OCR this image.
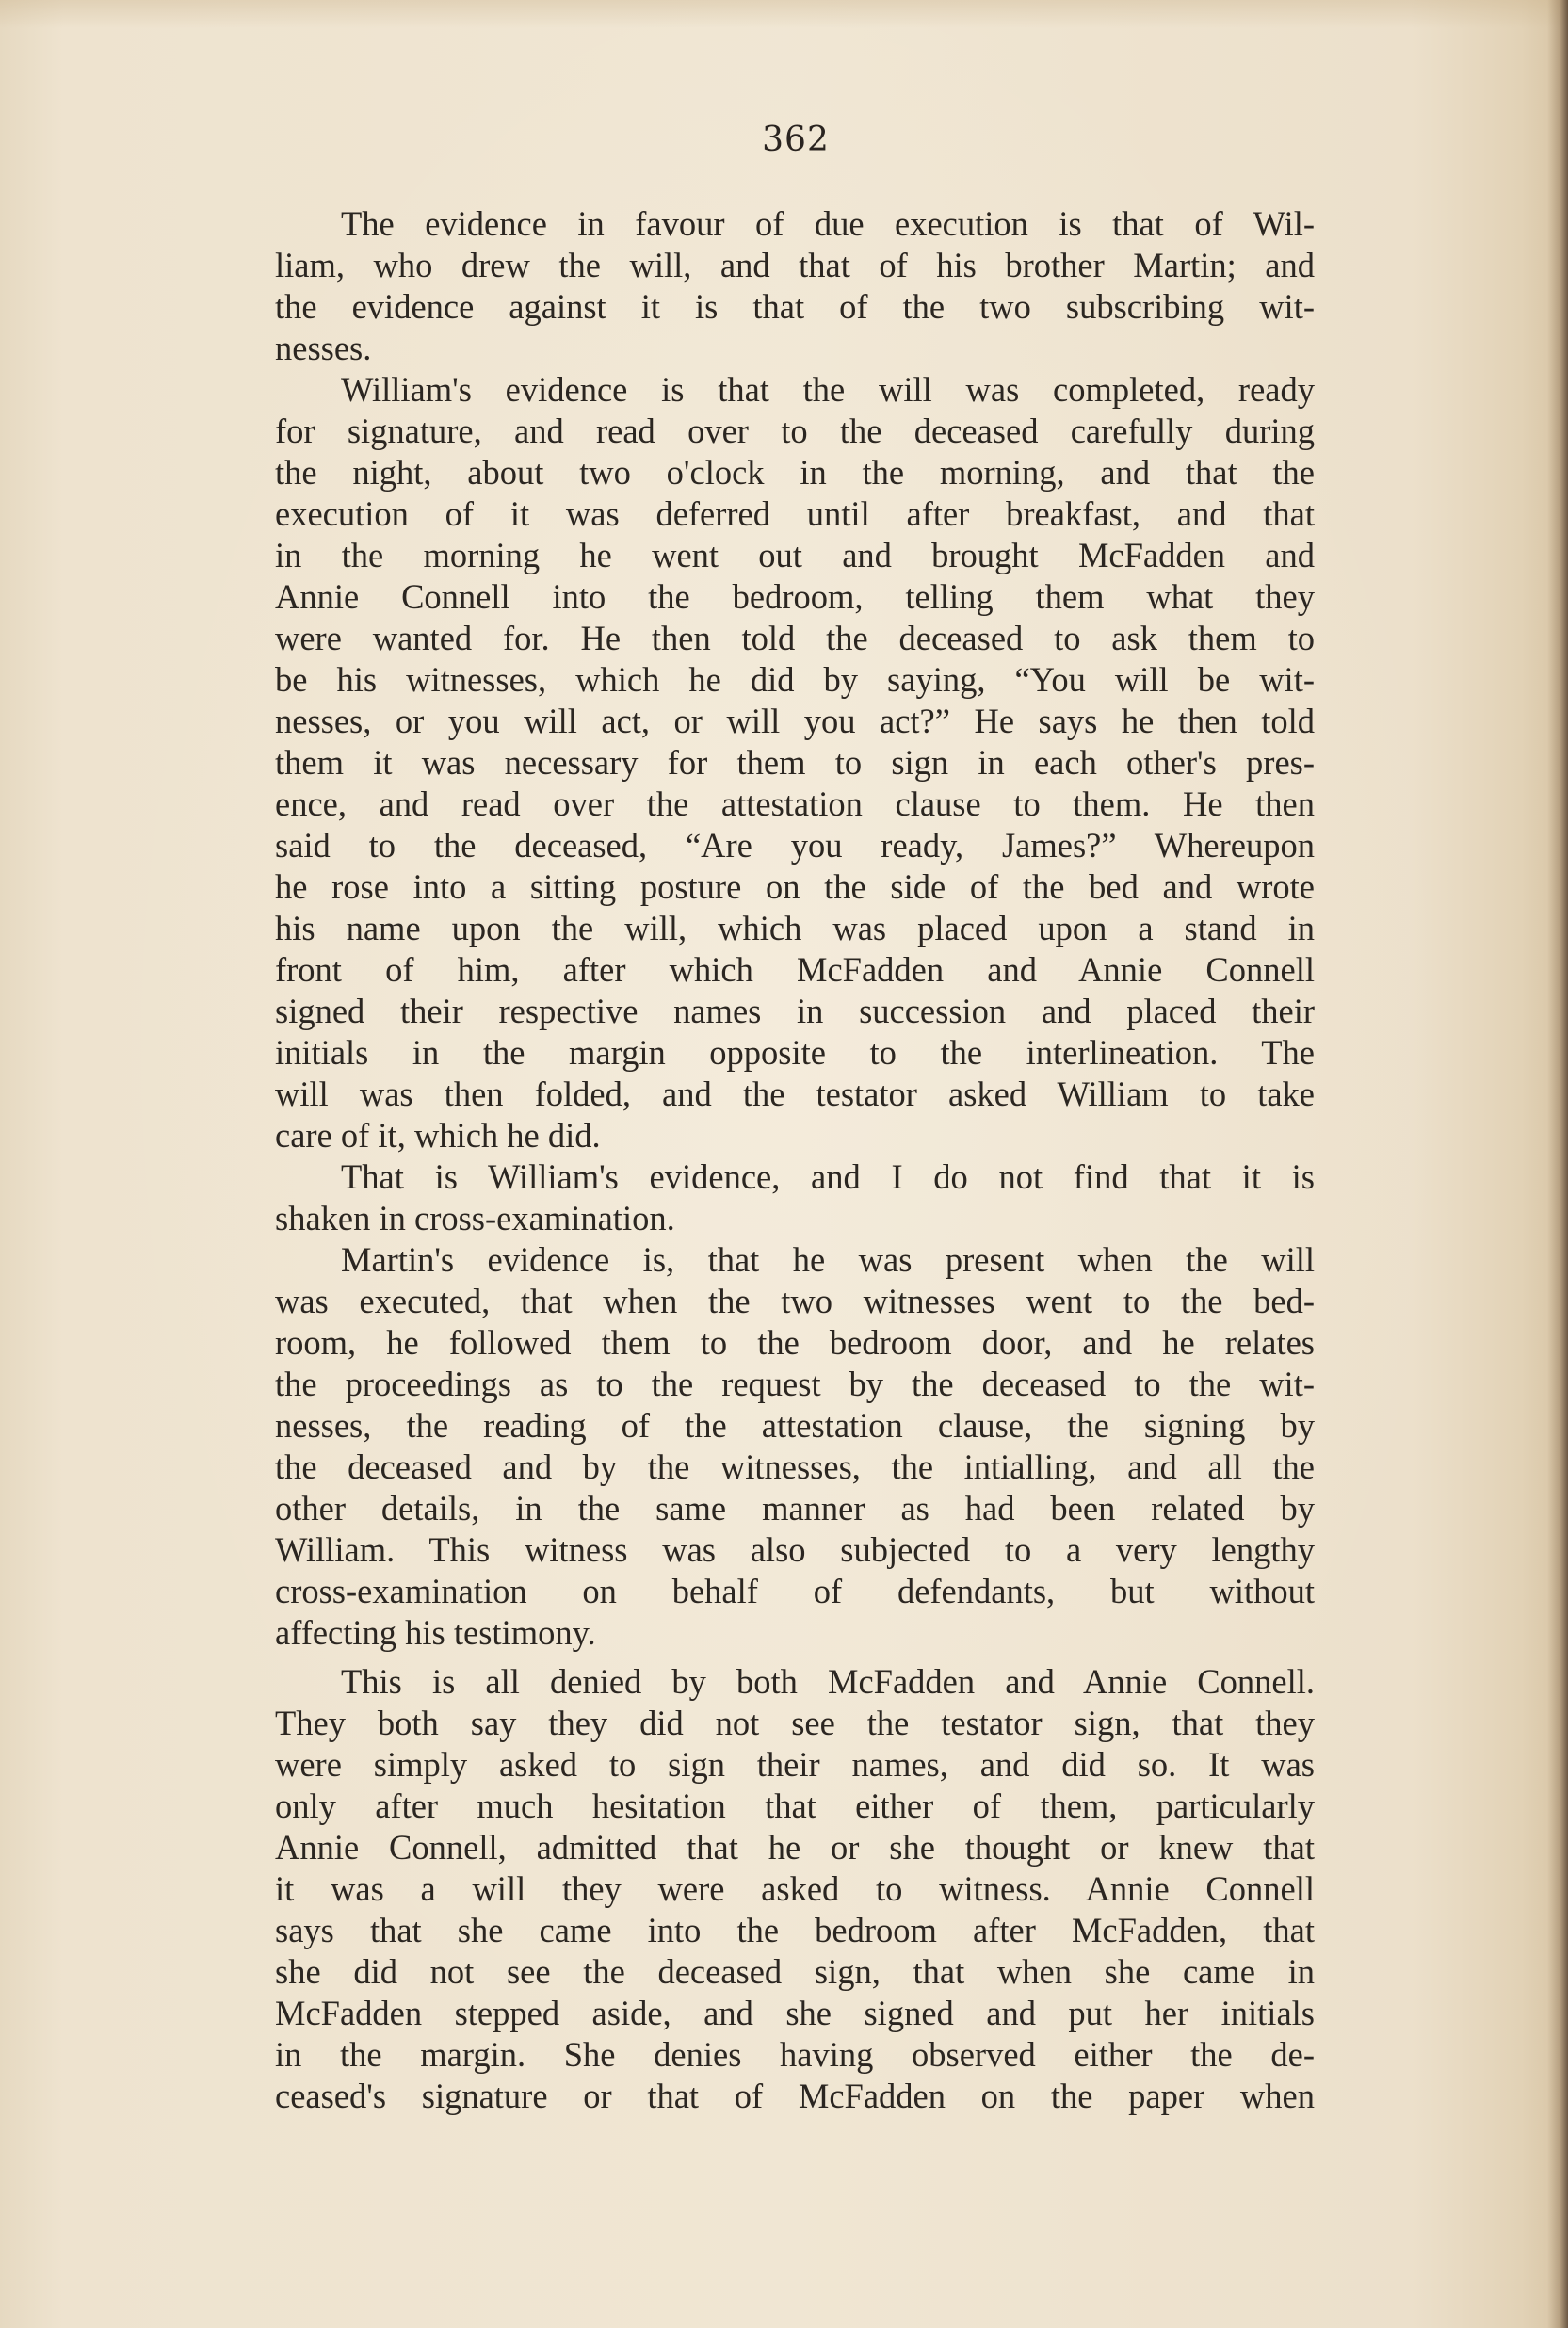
362
The evidence in favour of due execution is that of Wil-
liam, who drew the will, and that of his brother Martin; and
the evidence against it is that of the two subscribing wit-
nesses.
William's evidence is that the will was completed, ready
for signature, and read over to the deceased carefully during
the night, about two o'clock in the morning, and that the
execution of it was deferred until after breakfast, and that
in the morning he went out and brought McFadden and
Annie Connell into the bedroom, telling them what they
were wanted for. He then told the deceased to ask them to
be his witnesses, which he did by saying, “You will be wit-
nesses, or you will act, or will you act?” He says he then told
them it was necessary for them to sign in each other's pres-
ence, and read over the attestation clause to them. He then
said to the deceased, “Are you ready, James?” Whereupon
he rose into a sitting posture on the side of the bed and wrote
his name upon the will, which was placed upon a stand in
front of him, after which McFadden and Annie Connell
signed their respective names in succession and placed their
initials in the margin opposite to the interlineation. The
will was then folded, and the testator asked William to take
care of it, which he did.
That is William's evidence, and I do not find that it is
shaken in cross-examination.
Martin's evidence is, that he was present when the will
was executed, that when the two witnesses went to the bed-
room, he followed them to the bedroom door, and he relates
the proceedings as to the request by the deceased to the wit-
nesses, the reading of the attestation clause, the signing by
the deceased and by the witnesses, the intialling, and all the
other details, in the same manner as had been related by
William. This witness was also subjected to a very lengthy
cross-examination on behalf of defendants, but without
affecting his testimony.
This is all denied by both McFadden and Annie Connell.
They both say they did not see the testator sign, that they
were simply asked to sign their names, and did so. It was
only after much hesitation that either of them, particularly
Annie Connell, admitted that he or she thought or knew that
it was a will they were asked to witness. Annie Connell
says that she came into the bedroom after McFadden, that
she did not see the deceased sign, that when she came in
McFadden stepped aside, and she signed and put her initials
in the margin. She denies having observed either the de-
ceased's signature or that of McFadden on the paper when
